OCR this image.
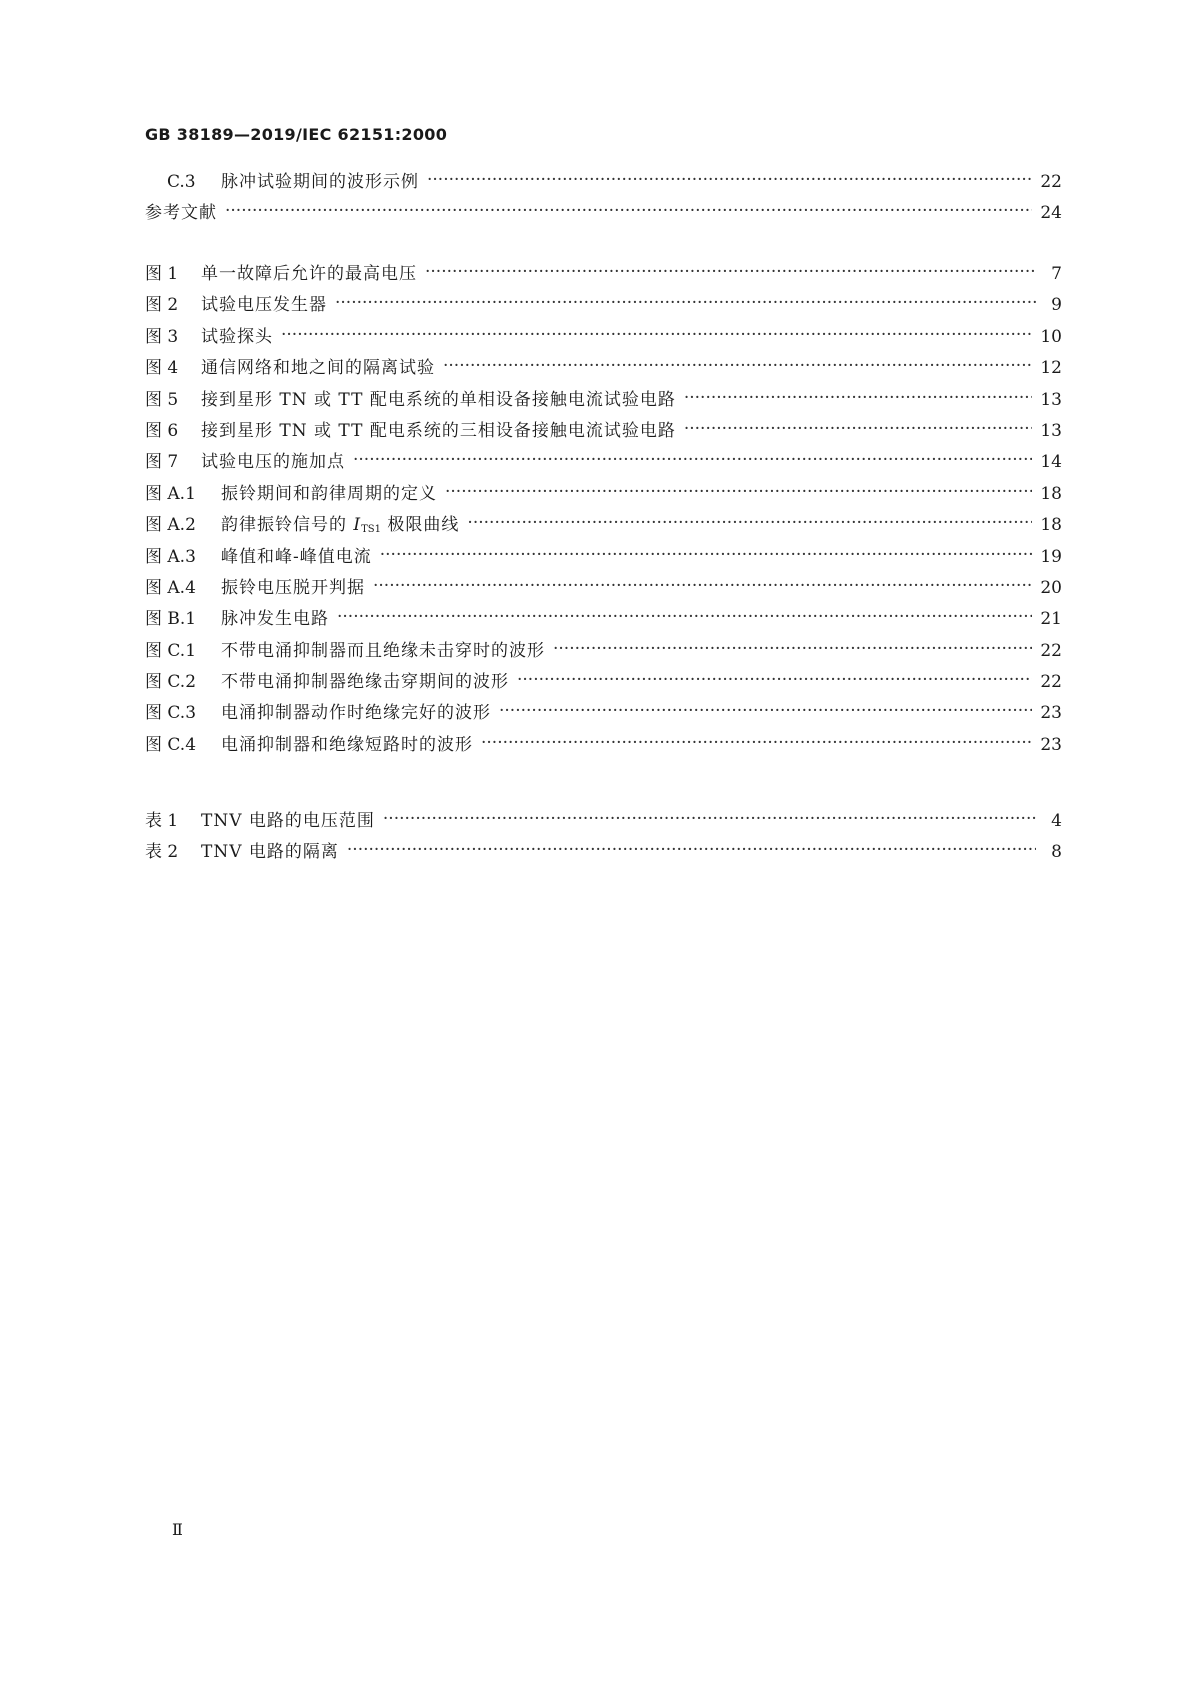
GB 38189—2019/IEC 62151:2000
C.3	脉冲试验期间的波形示例 ·····	22
参考文献 ·····	24
图 1	单一故障后允许的最高电压 ·····	7
图 2	试验电压发生器 ·····	9
图 3	试验探头 ·····	10
图 4	通信网络和地之间的隔离试验 ·····	12
图 5	接到星形 TN 或 TT 配电系统的单相设备接触电流试验电路 ·····	13
图 6	接到星形 TN 或 TT 配电系统的三相设备接触电流试验电路 ·····	13
图 7	试验电压的施加点 ·····	14
图 A.1	振铃期间和韵律周期的定义 ·····	18
图 A.2	韵律振铃信号的 $I_{TS1}$ 极限曲线 ·····	18
图 A.3	峰值和峰-峰值电流 ·····	19
图 A.4	振铃电压脱开判据 ·····	20
图 B.1	脉冲发生电路 ·····	21
图 C.1	不带电涌抑制器而且绝缘未击穿时的波形 ·····	22
图 C.2	不带电涌抑制器绝缘击穿期间的波形 ·····	22
图 C.3	电涌抑制器动作时绝缘完好的波形 ·····	23
图 C.4	电涌抑制器和绝缘短路时的波形 ·····	23
表 1	TNV 电路的电压范围 ·····	4
表 2	TNV 电路的隔离 ·····	8
Ⅱ
